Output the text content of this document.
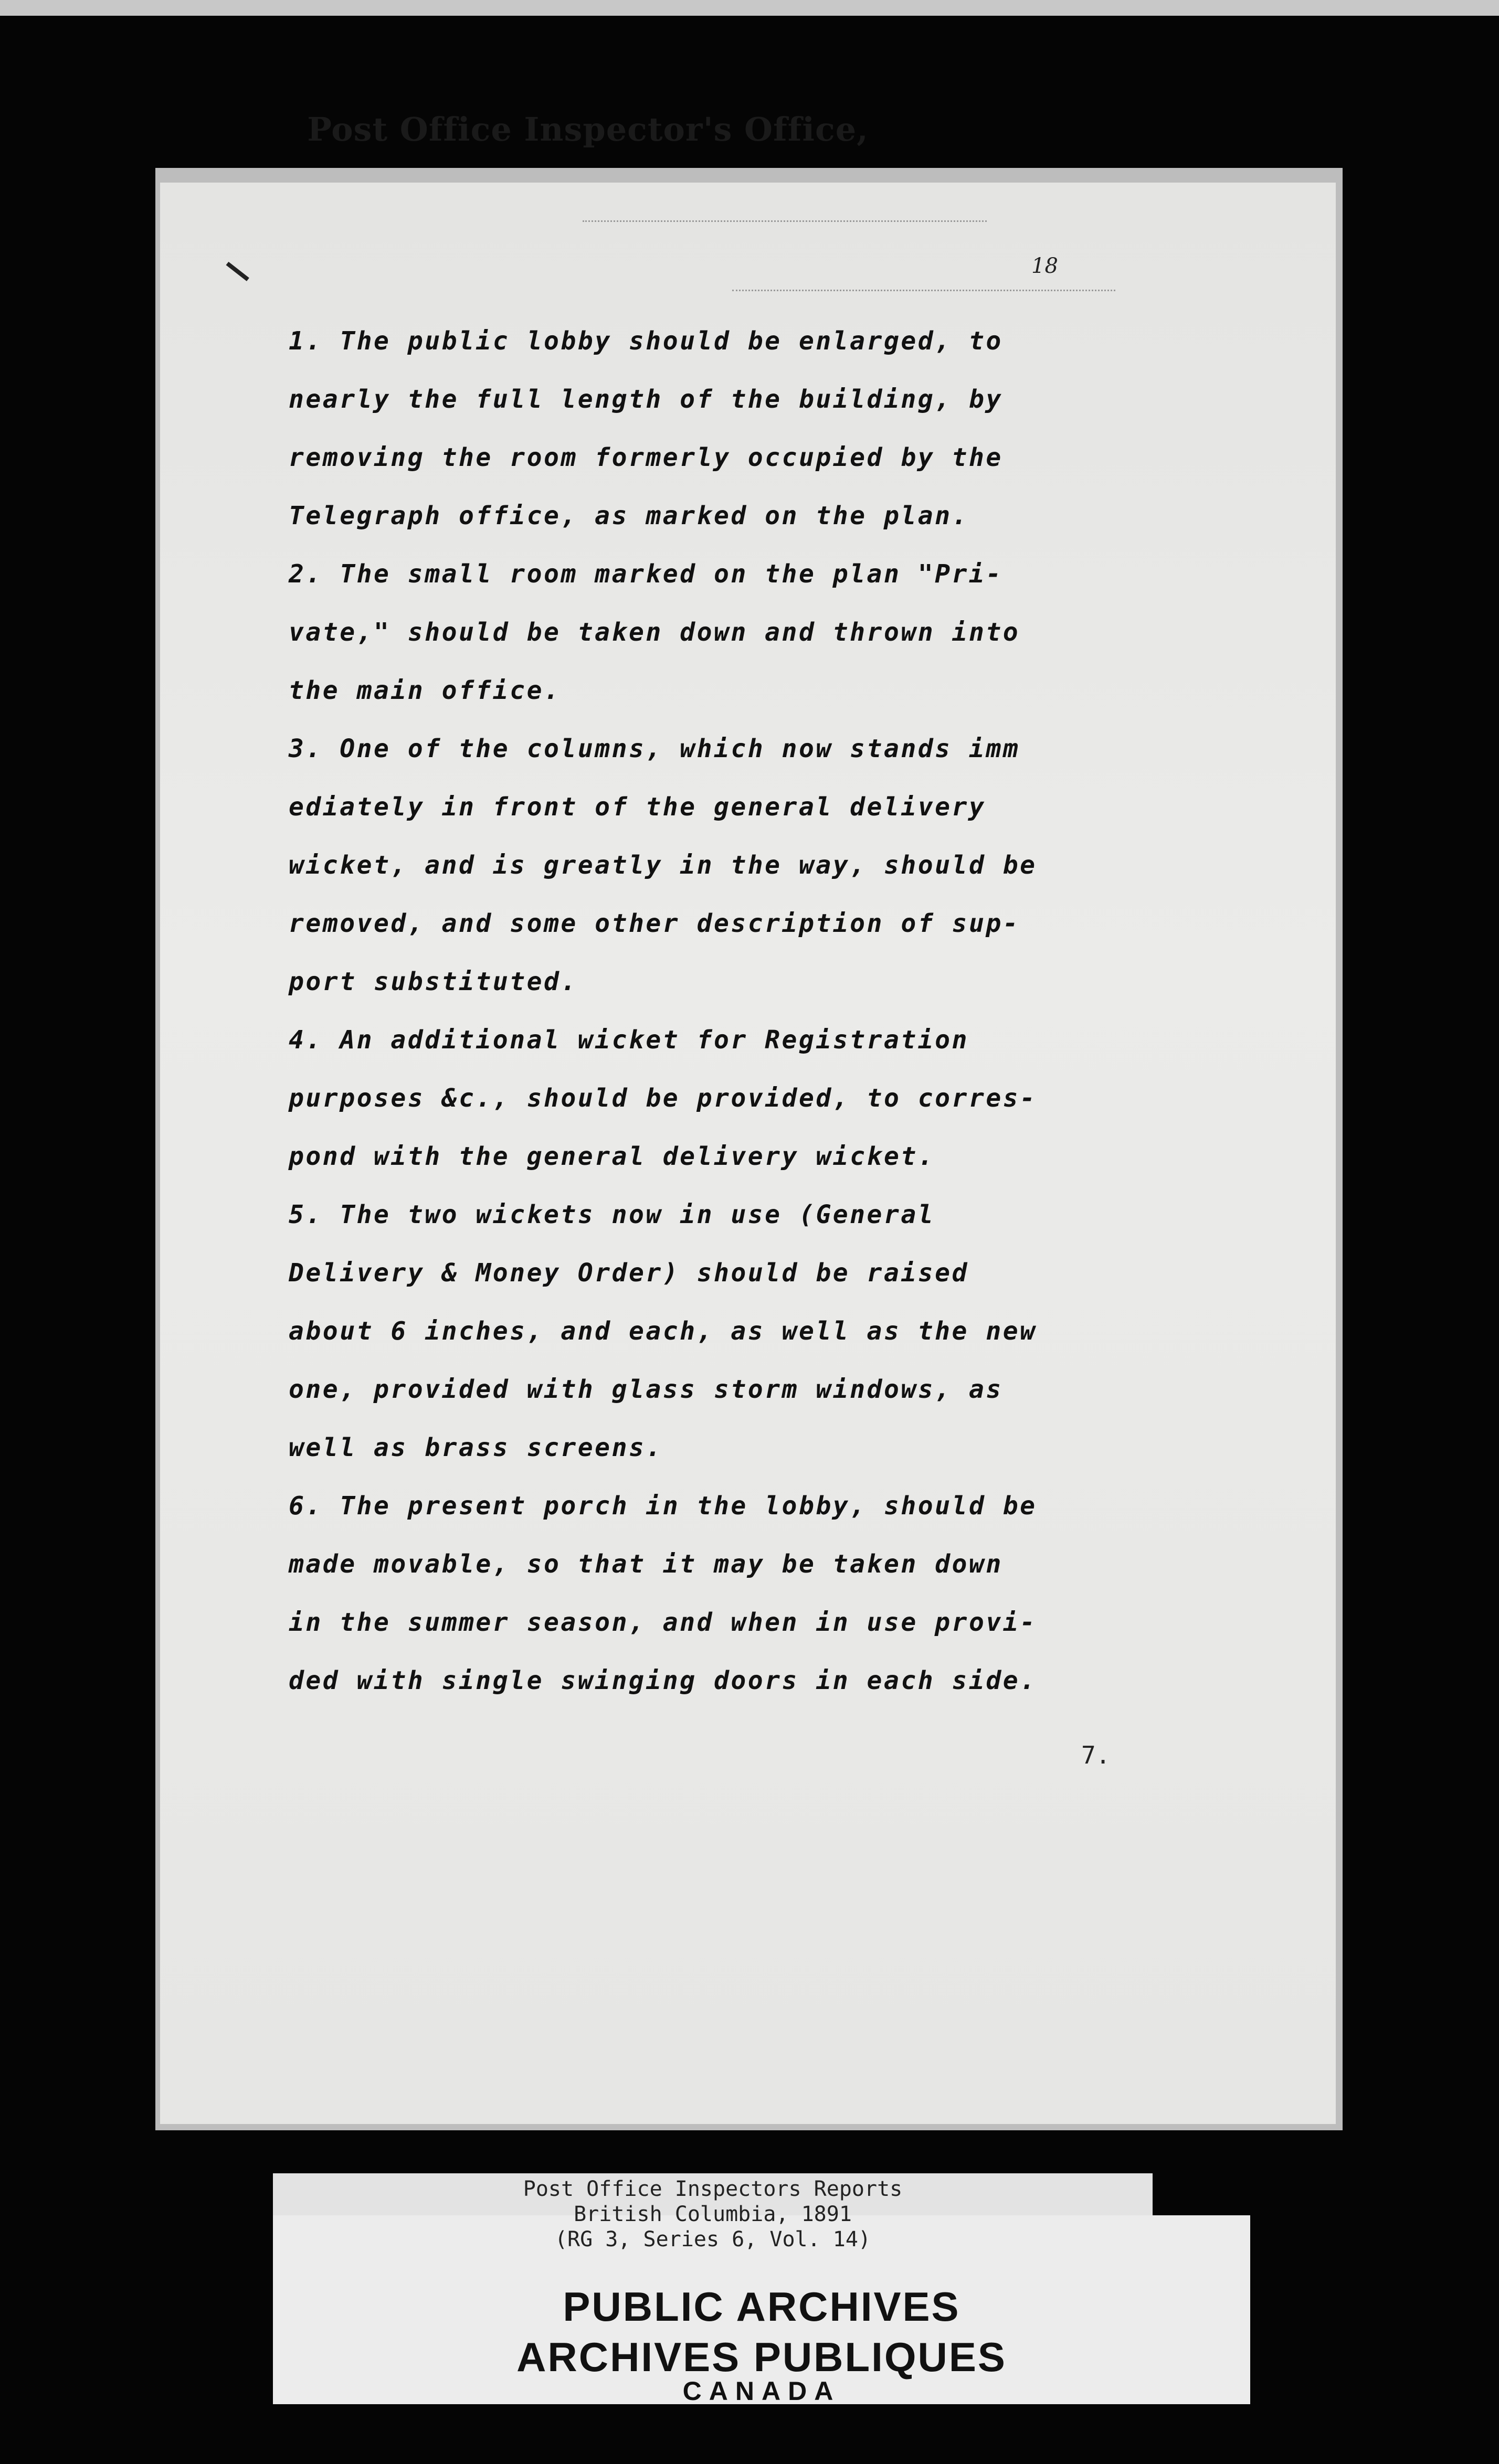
Post Office Inspector's Office,
18
1. The public lobby should be enlarged, to
nearly the full length of the building, by
removing the room formerly occupied by the
Telegraph office, as marked on the plan.
2. The small room marked on the plan "Pri-
vate," should be taken down and thrown into
the main office.
3. One of the columns, which now stands imm
ediately in front of the general delivery
wicket, and is greatly in the way, should be
removed, and some other description of sup-
port substituted.
4. An additional wicket for Registration
purposes &c., should be provided, to corres-
pond with the general delivery wicket.
5. The two wickets now in use (General
Delivery & Money Order) should be raised
about 6 inches, and each, as well as the new
one, provided with glass storm windows, as
well as brass screens.
6. The present porch in the lobby, should be
made movable, so that it may be taken down
in the summer season, and when in use provi-
ded with single swinging doors in each side.
7.
Post Office Inspectors Reports
British Columbia, 1891
(RG 3, Series 6, Vol. 14)
PUBLIC ARCHIVES
ARCHIVES PUBLIQUES
CANADA
